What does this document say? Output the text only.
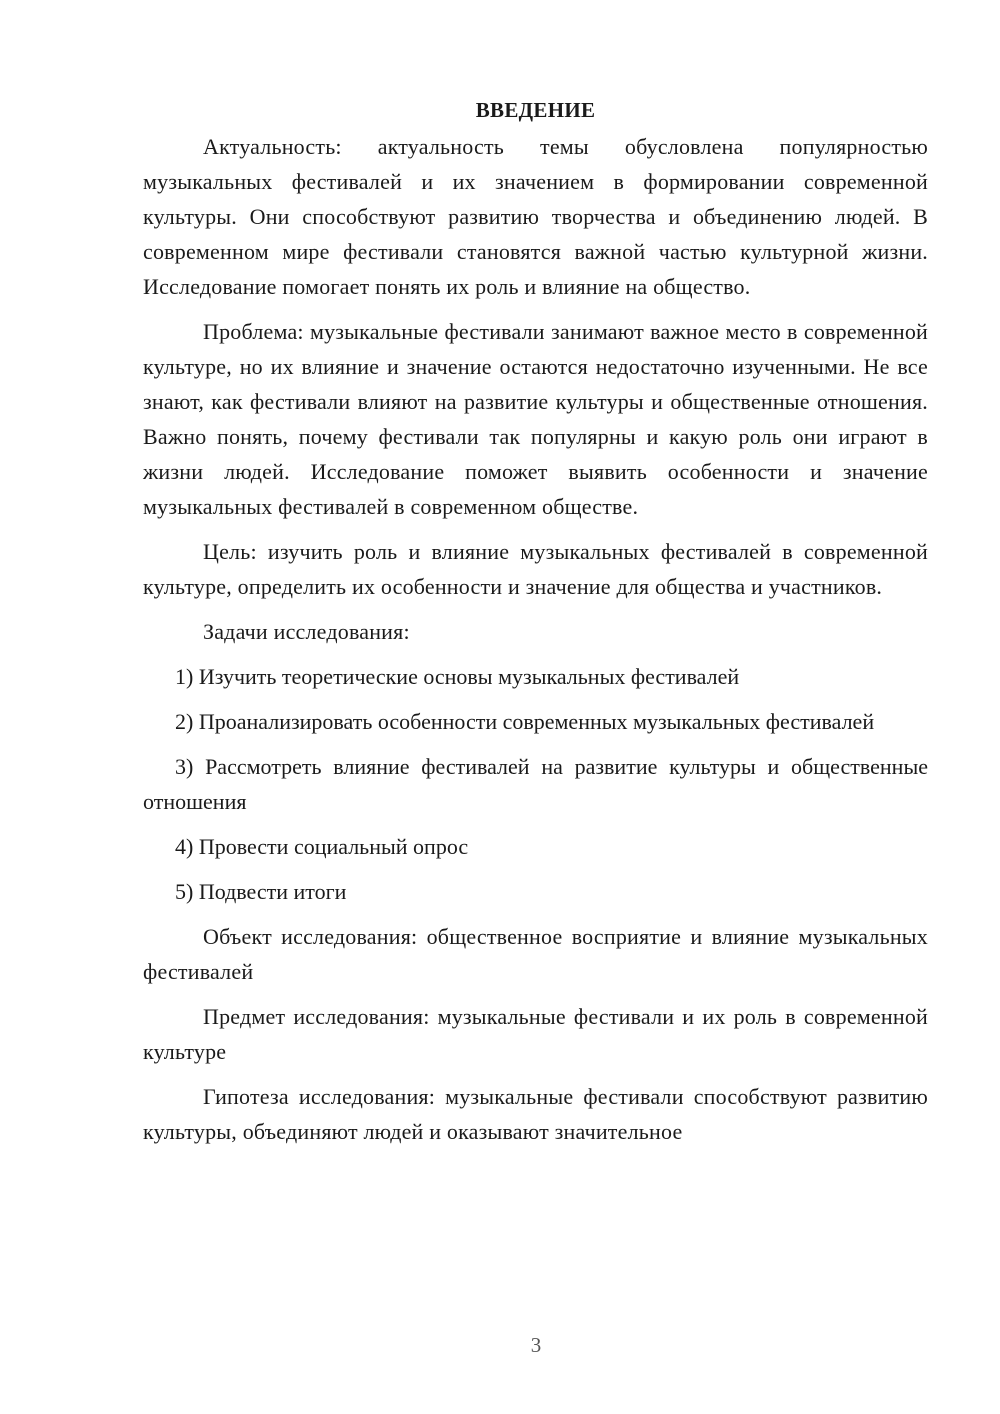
ВВЕДЕНИЕ
Актуальность: актуальность темы обусловлена популярностью музыкальных фестивалей и их значением в формировании современной культуры. Они способствуют развитию творчества и объединению людей. В современном мире фестивали становятся важной частью культурной жизни. Исследование помогает понять их роль и влияние на общество.
Проблема: музыкальные фестивали занимают важное место в современной культуре, но их влияние и значение остаются недостаточно изученными. Не все знают, как фестивали влияют на развитие культуры и общественные отношения. Важно понять, почему фестивали так популярны и какую роль они играют в жизни людей. Исследование поможет выявить особенности и значение музыкальных фестивалей в современном обществе.
Цель: изучить роль и влияние музыкальных фестивалей в современной культуре, определить их особенности и значение для общества и участников.
Задачи исследования:
1) Изучить теоретические основы музыкальных фестивалей
2) Проанализировать особенности современных музыкальных фестивалей
3) Рассмотреть влияние фестивалей на развитие культуры и общественные отношения
4) Провести социальный опрос
5) Подвести итоги
Объект исследования: общественное восприятие и влияние музыкальных фестивалей
Предмет исследования: музыкальные фестивали и их роль в современной культуре
Гипотеза исследования: музыкальные фестивали способствуют развитию культуры, объединяют людей и оказывают значительное
3
